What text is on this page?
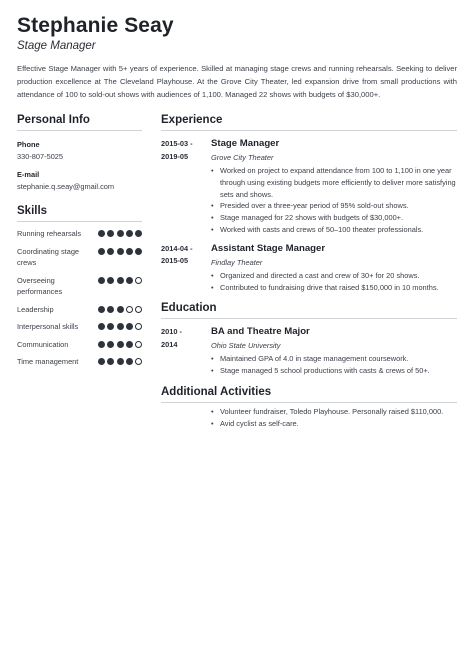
Stephanie Seay
Stage Manager
Effective Stage Manager with 5+ years of experience. Skilled at managing stage crews and running rehearsals. Seeking to deliver production excellence at The Cleveland Playhouse. At the Grove City Theater, led expansion drive from small productions with attendance of 100 to sold-out shows with audiences of 1,100. Managed 22 shows with budgets of $30,000+.
Personal Info
Phone
330-807-5025
E-mail
stephanie.q.seay@gmail.com
Skills
Running rehearsals
Coordinating stage crews
Overseeing performances
Leadership
Interpersonal skills
Communication
Time management
Experience
2015-03 -
2019-05
Stage Manager
Grove City Theater
• Worked on project to expand attendance from 100 to 1,100 in one year through using existing budgets more efficiently to deliver more satisfying sets and shows.
• Presided over a three-year period of 95% sold-out shows.
• Stage managed for 22 shows with budgets of $30,000+.
• Worked with casts and crews of 50–100 theater professionals.
2014-04 -
2015-05
Assistant Stage Manager
Findlay Theater
• Organized and directed a cast and crew of 30+ for 20 shows.
• Contributed to fundraising drive that raised $150,000 in 10 months.
Education
2010 -
2014
BA and Theatre Major
Ohio State University
• Maintained GPA of 4.0 in stage management coursework.
• Stage managed 5 school productions with casts & crews of 50+.
Additional Activities
• Volunteer fundraiser, Toledo Playhouse. Personally raised $110,000.
• Avid cyclist as self-care.
